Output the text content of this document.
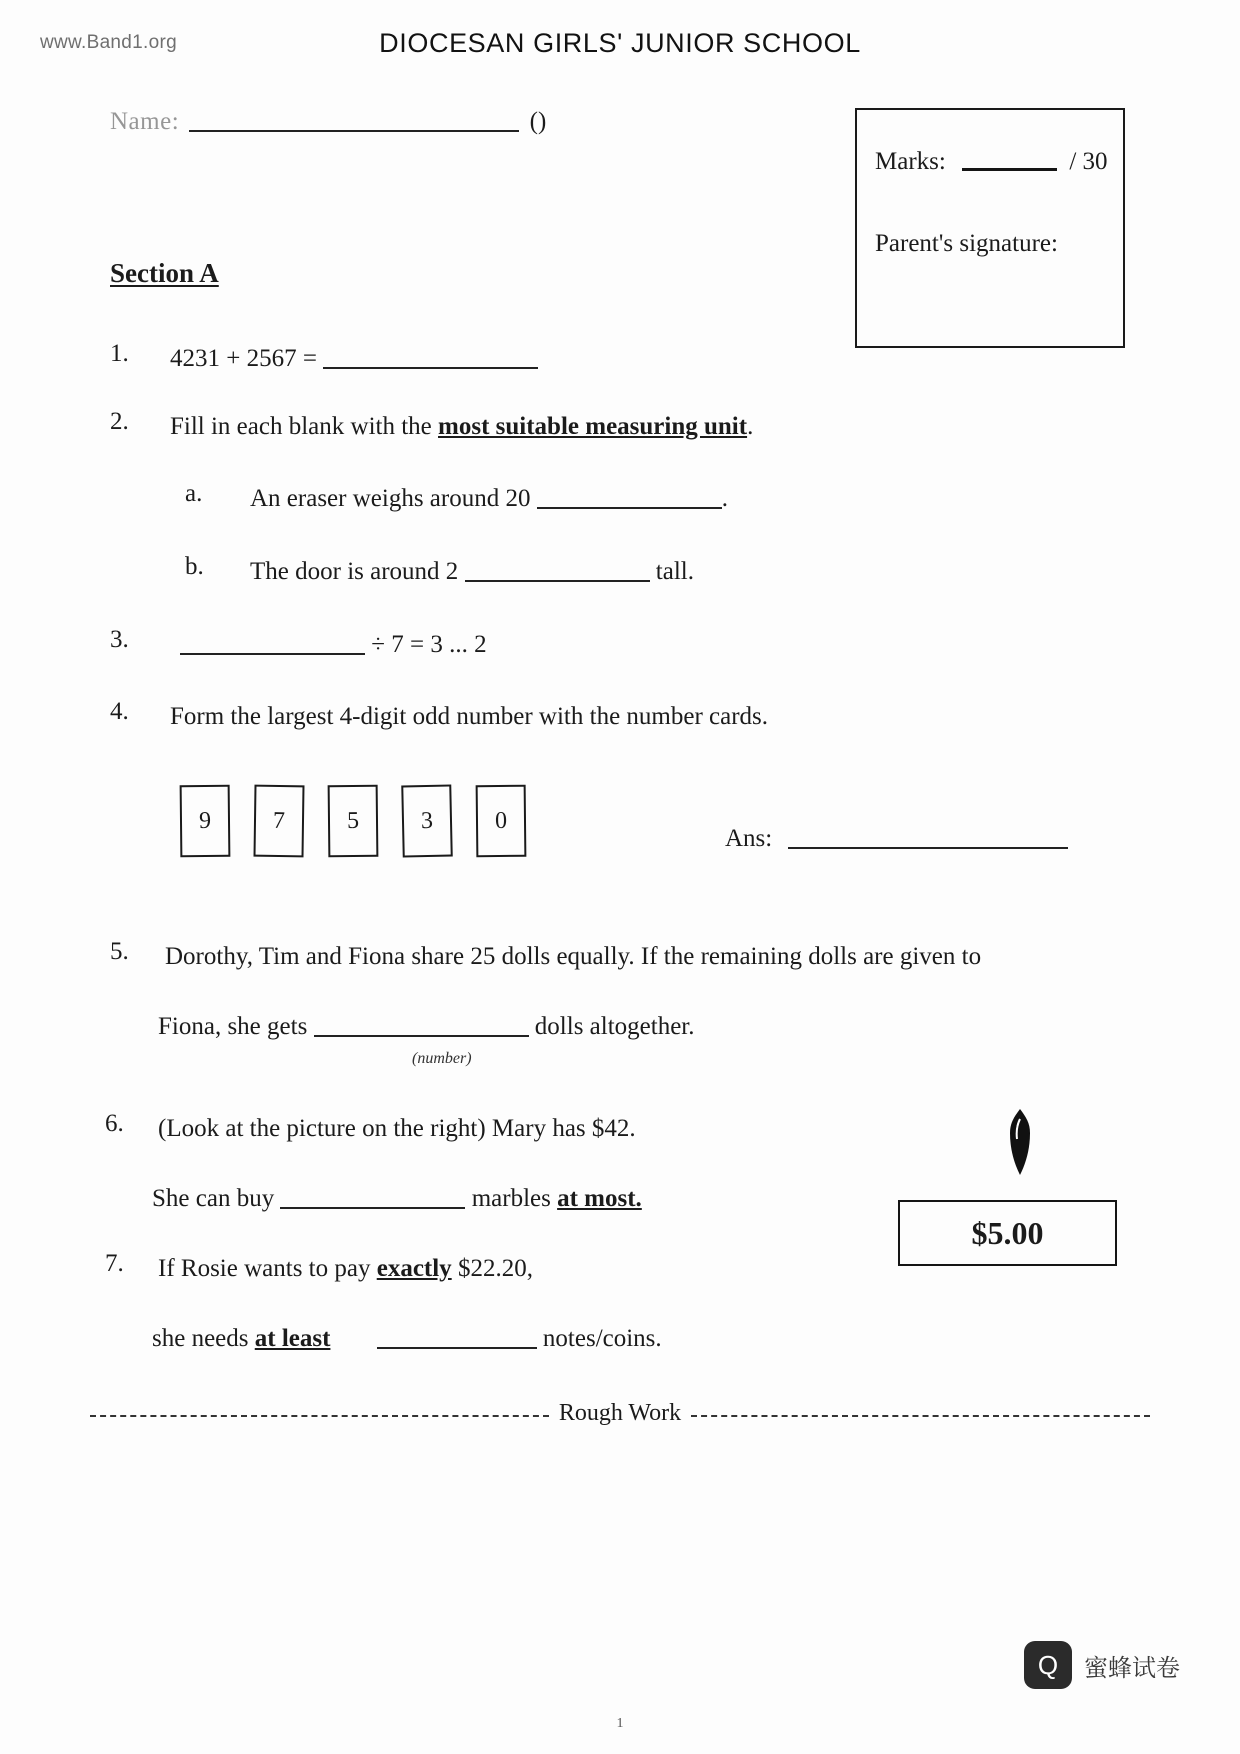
www.Band1.org	DIOCESAN GIRLS' JUNIOR SCHOOL
Name:	()
Marks:	/ 30
Parent's signature:
Section A
1. 4231 + 2567 =
2. Fill in each blank with the most suitable measuring unit.
a. An eraser weighs around 20	.
b. The door is around 2	tall.
3.	÷ 7 = 3 ... 2
4. Form the largest 4-digit odd number with the number cards.
9	7	5	3	0
Ans:
5. Dorothy, Tim and Fiona share 25 dolls equally. If the remaining dolls are given to
Fiona, she gets	dolls altogether.
(number)
6. (Look at the picture on the right) Mary has $42.
She can buy	marbles at most.
$5.00
7. If Rosie wants to pay exactly $22.20,
she needs at least	notes/coins.
Rough Work
Q	蜜蜂试卷
1
